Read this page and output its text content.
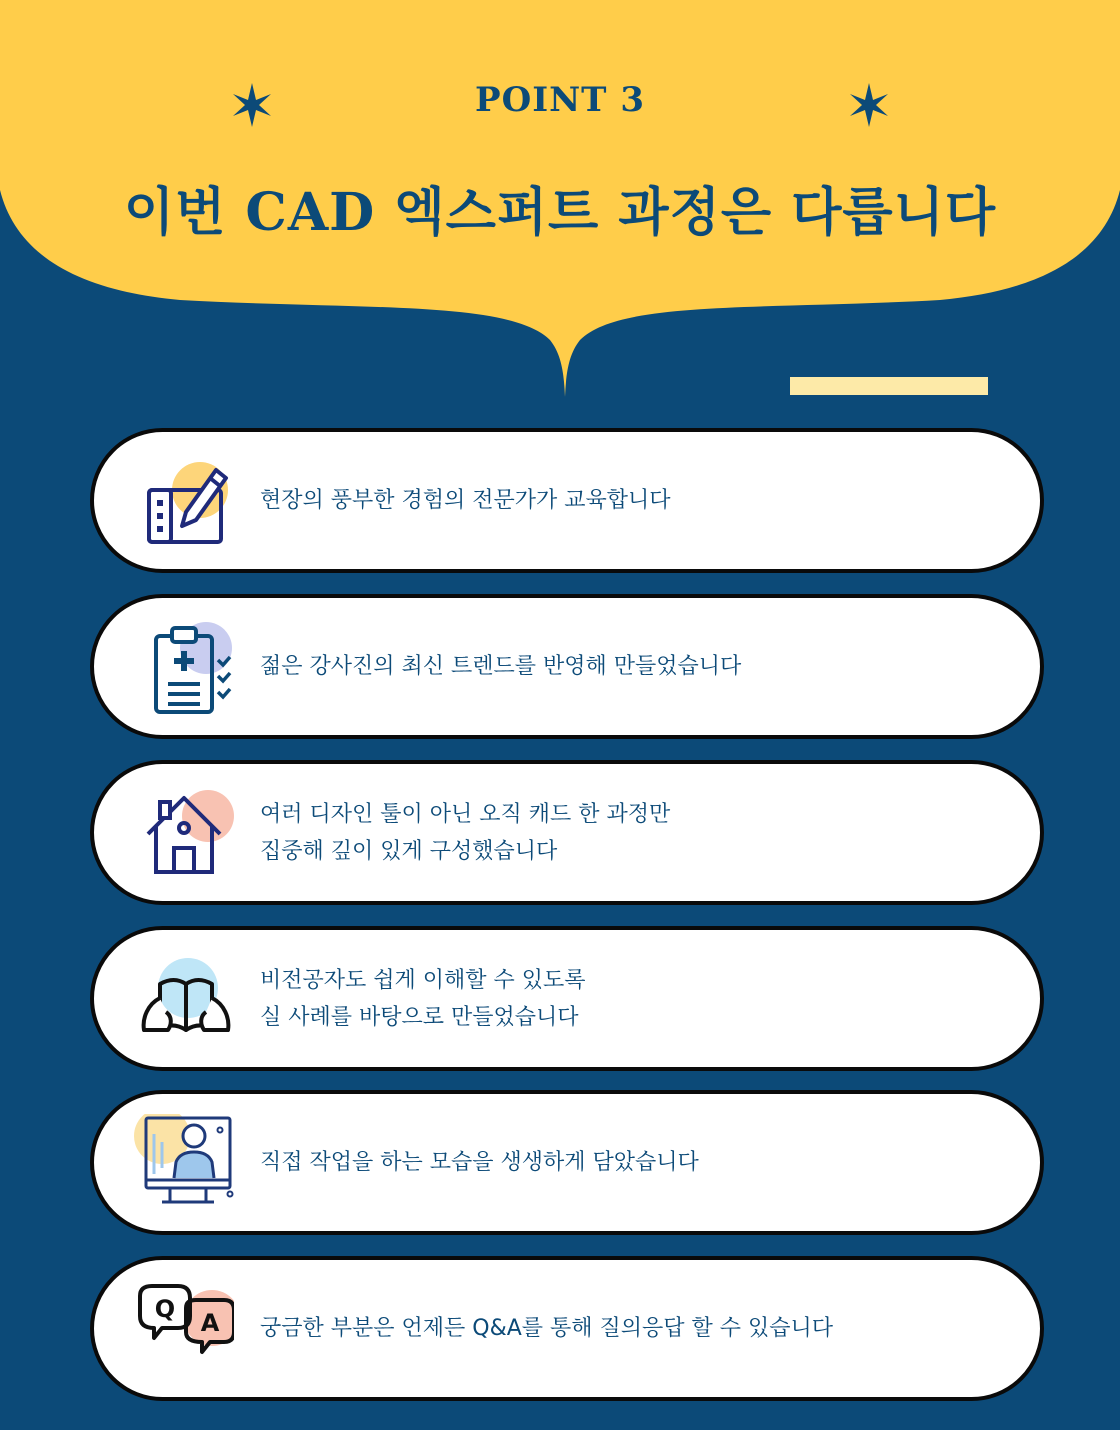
POINT 3
이번 CAD 엑스퍼트 과정은 다릅니다
현장의 풍부한 경험의 전문가가 교육합니다
젊은 강사진의 최신 트렌드를 반영해 만들었습니다
여러 디자인 툴이 아닌 오직 캐드 한 과정만
집중해 깊이 있게 구성했습니다
비전공자도 쉽게 이해할 수 있도록
실 사례를 바탕으로 만들었습니다
직접 작업을 하는 모습을 생생하게 담았습니다
Q A 궁금한 부분은 언제든 Q&A를 통해 질의응답 할 수 있습니다
